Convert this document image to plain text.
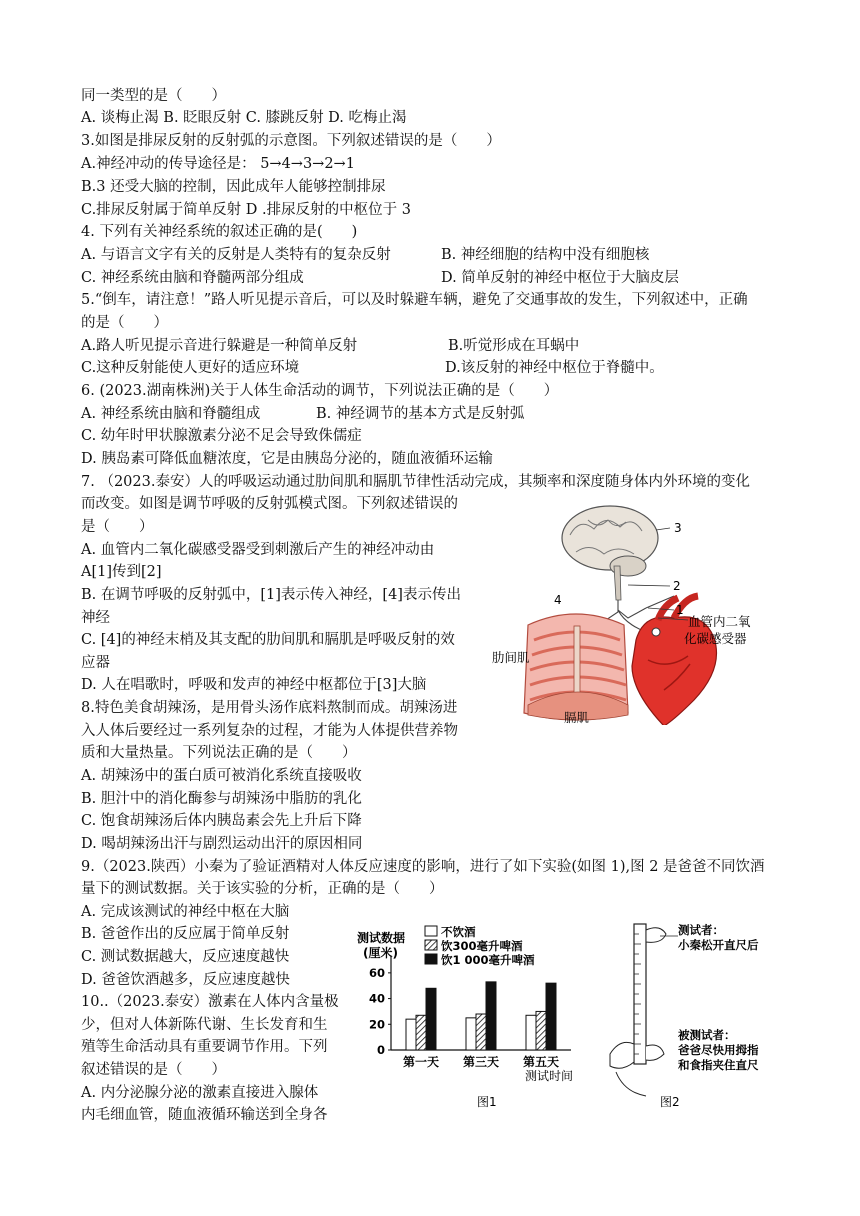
同一类型的是（　　）
A. 谈梅止渴 B. 眨眼反射 C. 膝跳反射 D. 吃梅止渴
3.如图是排尿反射的反射弧的示意图。下列叙述错误的是（　　）
A.神经冲动的传导途径是： 5→4→3→2→1
B.3 还受大脑的控制，因此成年人能够控制排尿
C.排尿反射属于简单反射 D .排尿反射的中枢位于 3
4. 下列有关神经系统的叙述正确的是(　　)
A. 与语言文字有关的反射是人类特有的复杂反射	B. 神经细胞的结构中没有细胞核
C. 神经系统由脑和脊髓两部分组成	D. 简单反射的神经中枢位于大脑皮层
5.“倒车，请注意！”路人听见提示音后，可以及时躲避车辆，避免了交通事故的发生，下列叙述中，正确
的是（　　）
A.路人听见提示音进行躲避是一种简单反射	B.听觉形成在耳蜗中
C.这种反射能使人更好的适应环境	D.该反射的神经中枢位于脊髓中。
6. (2023.湖南株洲)关于人体生命活动的调节，下列说法正确的是（　　）
A. 神经系统由脑和脊髓组成	B. 神经调节的基本方式是反射弧
C. 幼年时甲状腺激素分泌不足会导致侏儒症
D. 胰岛素可降低血糖浓度，它是由胰岛分泌的，随血液循环运输
7. （2023.泰安）人的呼吸运动通过肋间肌和膈肌节律性活动完成，其频率和深度随身体内外环境的变化
而改变。如图是调节呼吸的反射弧模式图。下列叙述错误的
是（　　）
A. 血管内二氧化碳感受器受到刺激后产生的神经冲动由
A[1]传到[2]
B. 在调节呼吸的反射弧中，[1]表示传入神经，[4]表示传出
神经
C. [4]的神经末梢及其支配的肋间肌和膈肌是呼吸反射的效
应器
D. 人在唱歌时，呼吸和发声的神经中枢都位于[3]大脑
8.特色美食胡辣汤，是用骨头汤作底料熬制而成。胡辣汤进
入人体后要经过一系列复杂的过程，才能为人体提供营养物
质和大量热量。下列说法正确的是（　　）
A. 胡辣汤中的蛋白质可被消化系统直接吸收
B. 胆汁中的消化酶参与胡辣汤中脂肪的乳化
C. 饱食胡辣汤后体内胰岛素会先上升后下降
D. 喝胡辣汤出汗与剧烈运动出汗的原因相同
9.（2023.陕西）小秦为了验证酒精对人体反应速度的影响，进行了如下实验(如图 1),图 2 是爸爸不同饮酒
量下的测试数据。关于该实验的分析，正确的是（　　）
A. 完成该测试的神经中枢在大脑
B. 爸爸作出的反应属于简单反射
C. 测试数据越大，反应速度越快
D. 爸爸饮酒越多，反应速度越快
10..（2023.泰安）激素在人体内含量极
少，但对人体新陈代谢、生长发育和生
殖等生命活动具有重要调节作用。下列
叙述错误的是（　　）
A. 内分泌腺分泌的激素直接进入腺体
内毛细血管，随血液循环输送到全身各
3
2
1
4
血管内二氧
化碳感受器
肋间肌
膈肌
测试数据
(厘米)
不饮酒
饮300毫升啤酒
饮1 000毫升啤酒
0
20
40
60
第一天 第三天 第五天
测试时间
图1
测试者：
小秦松开直尺后
被测试者：
爸爸尽快用拇指
和食指夹住直尺
图2
